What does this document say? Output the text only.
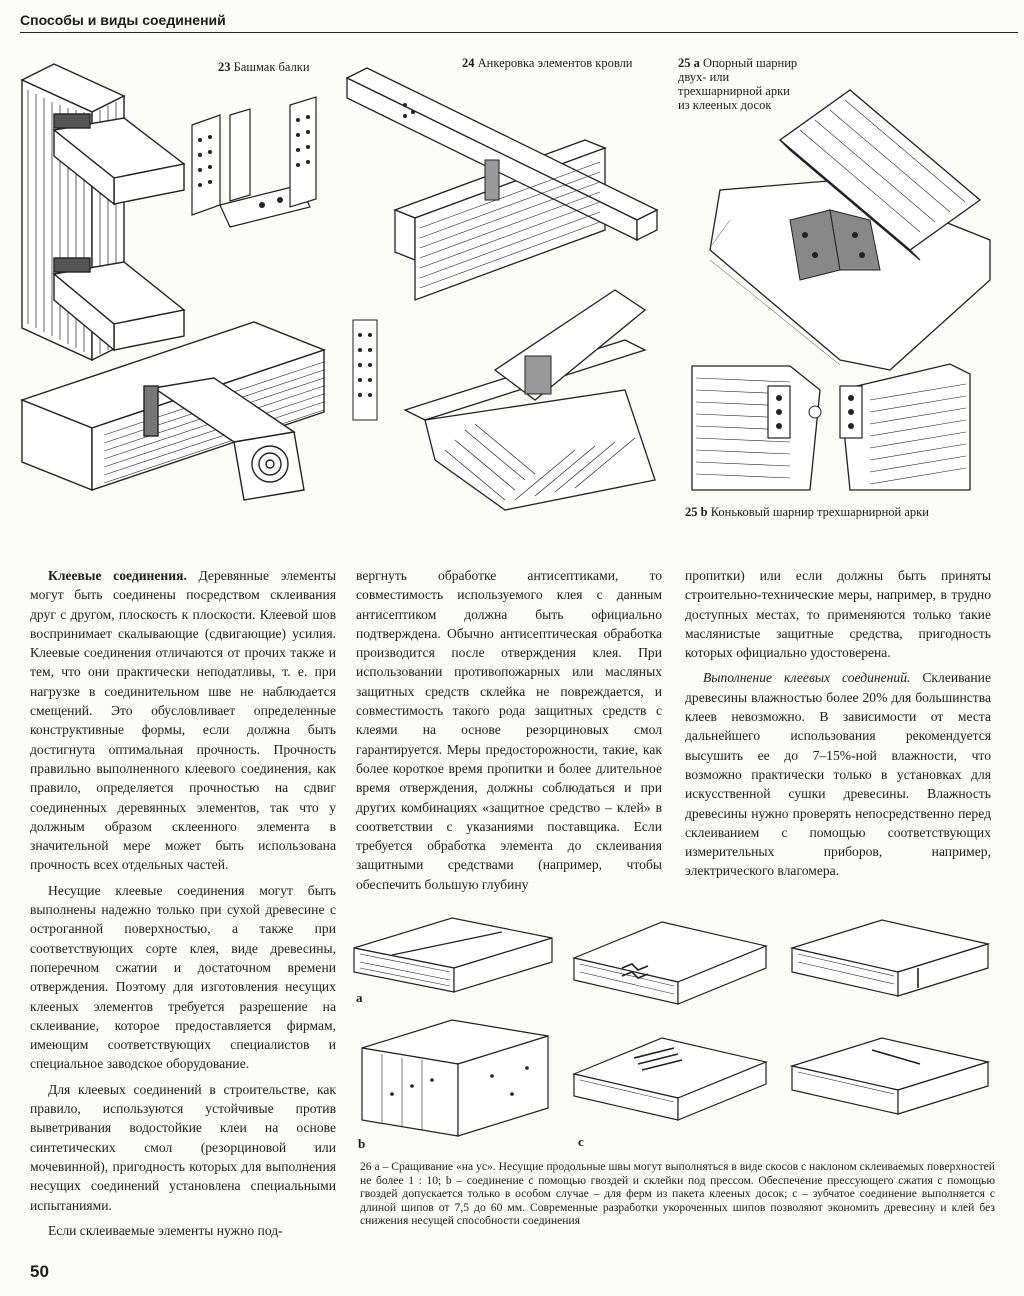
Способы и виды соединений
23 Башмак балки	24 Анкеровка элементов кровли	25 a Опорный шарнир двух- или трехшарнирной арки из клееных досок
25 b Коньковый шарнир трехшарнирной арки

Клеевые соединения. Деревянные элементы могут быть соединены посредством склеивания друг с другом, плоскость к плоскости. Клеевой шов воспринимает скалывающие (сдвигающие) усилия. Клеевые соединения отличаются от прочих также и тем, что они практически неподатливы, т. е. при нагрузке в соединительном шве не наблюдается смещений. Это обусловливает определенные конструктивные формы, если должна быть достигнута оптимальная прочность. Прочность правильно выполненного клеевого соединения, как правило, определяется прочностью на сдвиг соединенных деревянных элементов, так что у должным образом склеенного элемента в значительной мере может быть использована прочность всех отдельных частей.

Несущие клеевые соединения могут быть выполнены надежно только при сухой древесине с остроганной поверхностью, а также при соответствующих сорте клея, виде древесины, поперечном сжатии и достаточном времени отверждения. Поэтому для изготовления несущих клееных элементов требуется разрешение на склеивание, которое предоставляется фирмам, имеющим соответствующих специалистов и специальное заводское оборудование.

Для клеевых соединений в строительстве, как правило, используются устойчивые против выветривания водостойкие клеи на основе синтетических смол (резорциновой или мочевинной), пригодность которых для выполнения несущих соединений установлена специальными испытаниями.

Если склеиваемые элементы нужно под-

вергнуть обработке антисептиками, то совместимость используемого клея с данным антисептиком должна быть официально подтверждена. Обычно антисептическая обработка производится после отверждения клея. При использовании противопожарных или масляных защитных средств склейка не повреждается, и совместимость такого рода защитных средств с клеями на основе резорциновых смол гарантируется. Меры предосторожности, такие, как более короткое время пропитки и более длительное время отверждения, должны соблюдаться и при других комбинациях «защитное средство – клей» в соответствии с указаниями поставщика. Если требуется обработка элемента до склеивания защитными средствами (например, чтобы обеспечить большую глубину

пропитки) или если должны быть приняты строительно-технические меры, например, в трудно доступных местах, то применяются только такие маслянистые защитные средства, пригодность которых официально удостоверена.

Выполнение клеевых соединений. Склеивание древесины влажностью более 20% для большинства клеев невозможно. В зависимости от места дальнейшего использования рекомендуется высушить ее до 7–15%-ной влажности, что возможно практически только в установках для искусственной сушки древесины. Влажность древесины нужно проверять непосредственно перед склеиванием с помощью соответствующих измерительных приборов, например, электрического влагомера.

a
b	c
26 a – Сращивание «на ус». Несущие продольные швы могут выполняться в виде скосов с наклоном склеиваемых поверхностей не более 1 : 10; b – соединение с помощью гвоздей и склейки под прессом. Обеспечение прессующего сжатия с помощью гвоздей допускается только в особом случае – для ферм из пакета клееных досок; c – зубчатое соединение выполняется с длиной шипов от 7,5 до 60 мм. Современные разработки укороченных шипов позволяют экономить древесину и клей без снижения несущей способности соединения
50
